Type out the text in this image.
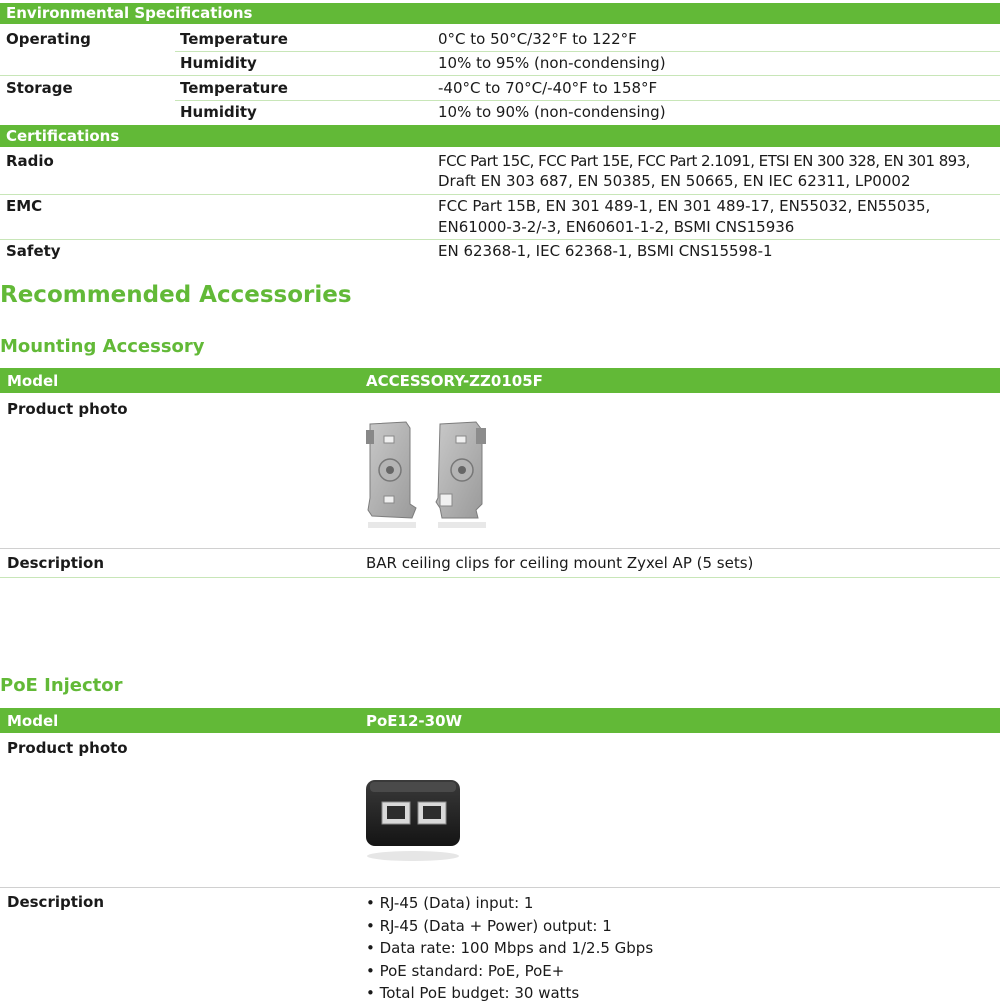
Environmental Specifications
Operating	Temperature	0°C to 50°C/32°F to 122°F
Humidity	10% to 95% (non-condensing)
Storage	Temperature	-40°C to 70°C/-40°F to 158°F
Humidity	10% to 90% (non-condensing)
Certifications
Radio	FCC Part 15C, FCC Part 15E, FCC Part 2.1091, ETSI EN 300 328, EN 301 893,
Draft EN 303 687, EN 50385, EN 50665, EN IEC 62311, LP0002
EMC	FCC Part 15B, EN 301 489-1, EN 301 489-17, EN55032, EN55035,
EN61000-3-2/-3, EN60601-1-2, BSMI CNS15936
Safety	EN 62368-1, IEC 62368-1, BSMI CNS15598-1
Recommended Accessories
Mounting Accessory
Model	ACCESSORY-ZZ0105F
Product photo
Description	BAR ceiling clips for ceiling mount Zyxel AP (5 sets)
PoE Injector
Model	PoE12-30W
Product photo
Description	• RJ-45 (Data) input: 1
• RJ-45 (Data + Power) output: 1
• Data rate: 100 Mbps and 1/2.5 Gbps
• PoE standard: PoE, PoE+
• Total PoE budget: 30 watts
